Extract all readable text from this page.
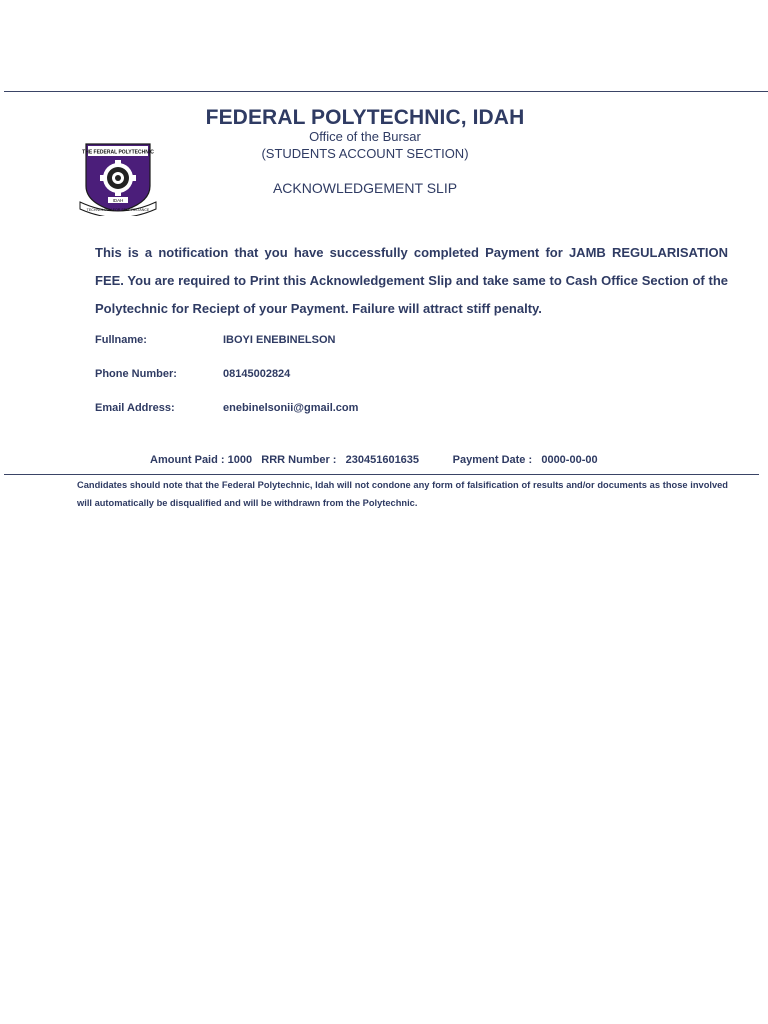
THE FEDERAL POLYTECHNIC
IDAH
TECHNOLOGY FOR SELF RELIANCE
FEDERAL POLYTECHNIC, IDAH
Office of the Bursar
(STUDENTS ACCOUNT SECTION)
ACKNOWLEDGEMENT SLIP
This is a notification that you have successfully completed Payment for JAMB REGULARISATION FEE. You are required to Print this Acknowledgement Slip and take same to Cash Office Section of the Polytechnic for Reciept of your Payment. Failure will attract stiff penalty.
Fullname:	IBOYI ENEBINELSON
Phone Number:	08145002824
Email Address:	enebinelsonii@gmail.com
Amount Paid : 1000 RRR Number : 230451601635	Payment Date : 0000-00-00
Candidates should note that the Federal Polytechnic, Idah will not condone any form of falsification of results and/or documents as those involved will automatically be disqualified and will be withdrawn from the Polytechnic.
